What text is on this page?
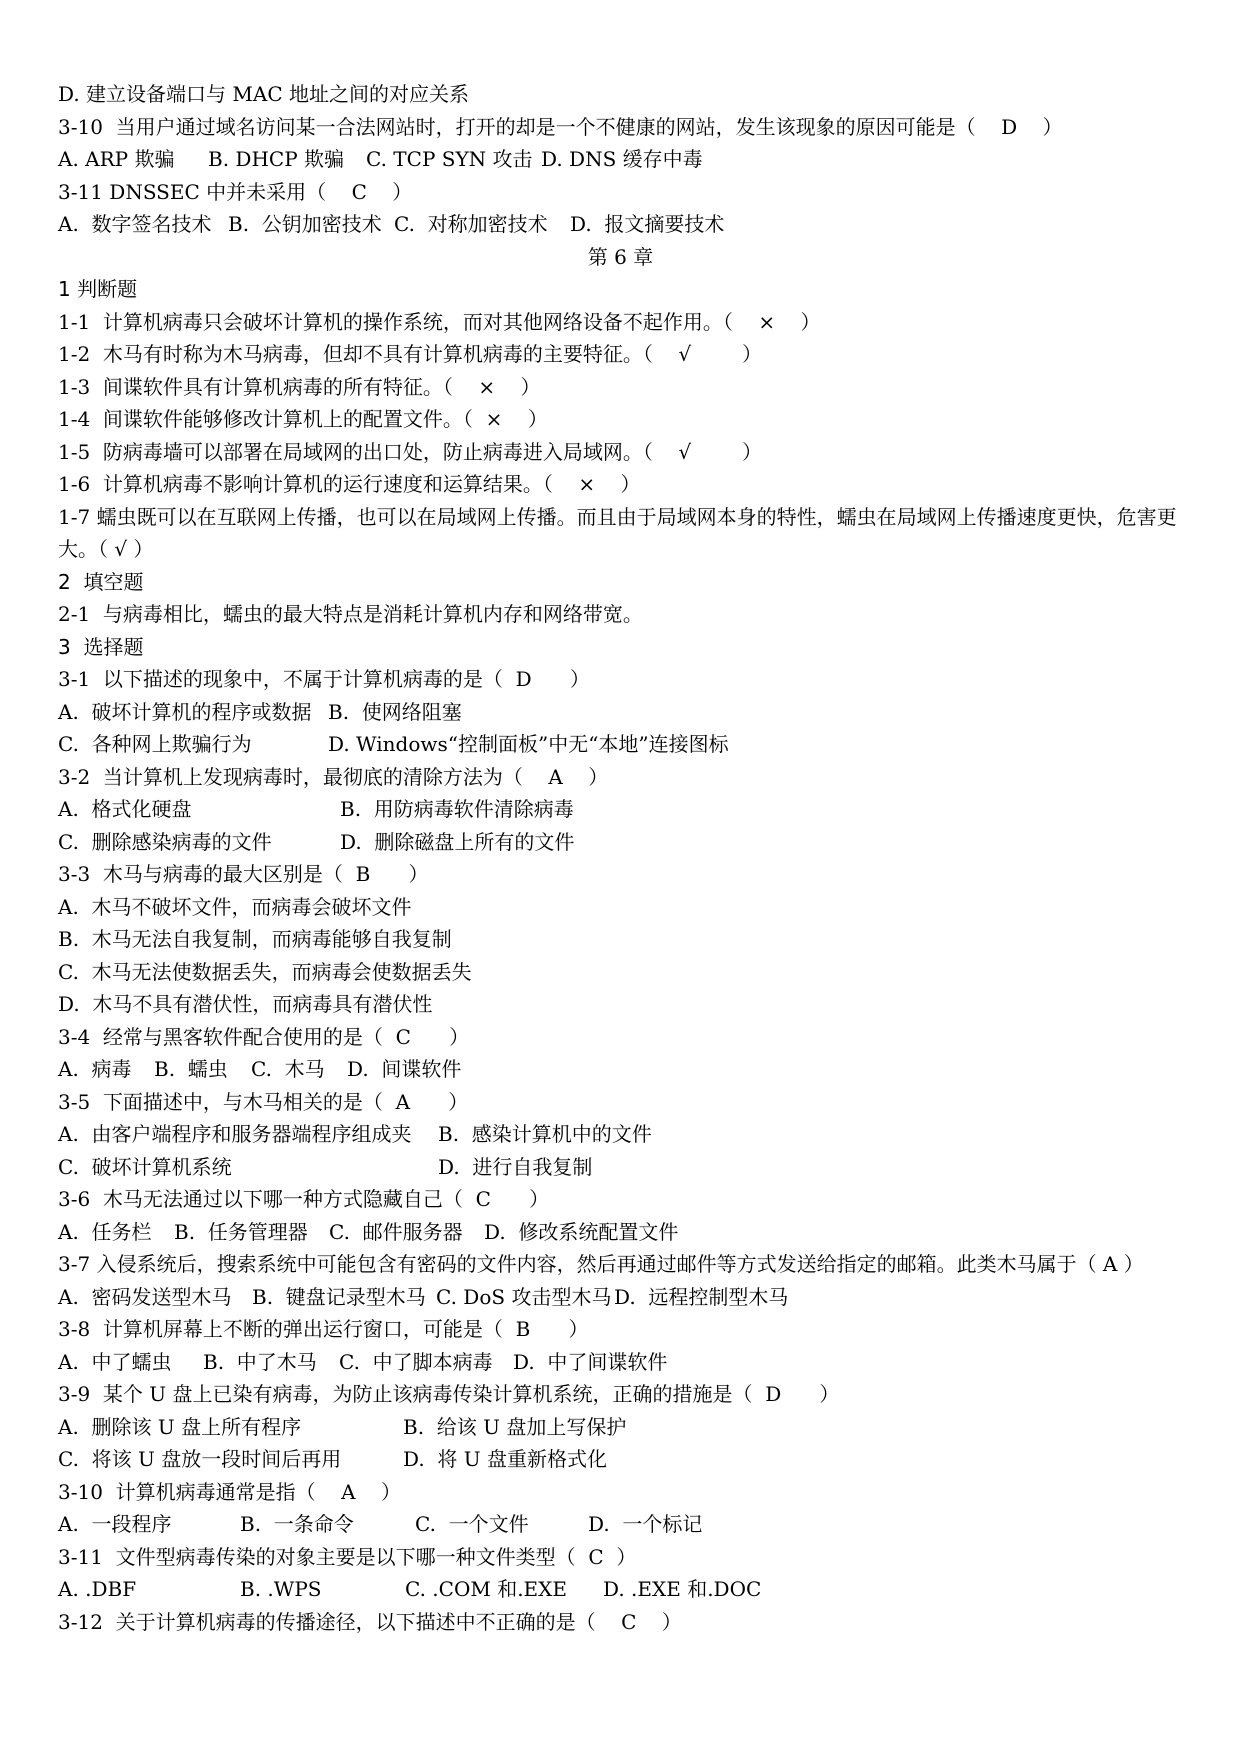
D. 建立设备端口与 MAC 地址之间的对应关系
3-10  当用户通过域名访问某一合法网站时，打开的却是一个不健康的网站，发生该现象的原因可能是（    D    ）
A. ARP 欺骗	B. DHCP 欺骗	C. TCP SYN 攻击 D. DNS 缓存中毒
3-11 DNSSEC 中并未采用（    C    ）
A.  数字签名技术 B.  公钥加密技术 C.  对称加密技术	D.  报文摘要技术
第 6 章
1 判断题
1-1  计算机病毒只会破坏计算机的操作系统，而对其他网络设备不起作用。（    ×    ）
1-2  木马有时称为木马病毒，但却不具有计算机病毒的主要特征。（    √        ）
1-3  间谍软件具有计算机病毒的所有特征。（    ×    ）
1-4  间谍软件能够修改计算机上的配置文件。（  ×    ）
1-5  防病毒墙可以部署在局域网的出口处，防止病毒进入局域网。（    √        ）
1-6  计算机病毒不影响计算机的运行速度和运算结果。（    ×    ）
1-7 蠕虫既可以在互联网上传播，也可以在局域网上传播。而且由于局域网本身的特性，蠕虫在局域网上传播速度更快，危害更大。（ √ ）
2  填空题
2-1  与病毒相比，蠕虫的最大特点是消耗计算机内存和网络带宽。
3  选择题
3-1  以下描述的现象中，不属于计算机病毒的是（  D      ）
A.  破坏计算机的程序或数据 B.  使网络阻塞
C.  各种网上欺骗行为	D. Windows“控制面板”中无“本地”连接图标
3-2  当计算机上发现病毒时，最彻底的清除方法为（    A    ）
A.  格式化硬盘	B.  用防病毒软件清除病毒
C.  删除感染病毒的文件	D.  删除磁盘上所有的文件
3-3  木马与病毒的最大区别是（  B      ）
A.  木马不破坏文件，而病毒会破坏文件
B.  木马无法自我复制，而病毒能够自我复制
C.  木马无法使数据丢失，而病毒会使数据丢失
D.  木马不具有潜伏性，而病毒具有潜伏性
3-4  经常与黑客软件配合使用的是（  C      ）
A.  病毒	B.  蠕虫	C.  木马	D.  间谍软件
3-5  下面描述中，与木马相关的是（  A      ）
A.  由客户端程序和服务器端程序组成夹	B.  感染计算机中的文件
C.  破坏计算机系统	D.  进行自我复制
3-6  木马无法通过以下哪一种方式隐藏自己（  C      ）
A.  任务栏	B.  任务管理器	C.  邮件服务器	D.  修改系统配置文件
3-7 入侵系统后，搜索系统中可能包含有密码的文件内容，然后再通过邮件等方式发送给指定的邮箱。此类木马属于（ A ）
A.  密码发送型木马	B.  键盘记录型木马 C. DoS 攻击型木马 D.  远程控制型木马
3-8  计算机屏幕上不断的弹出运行窗口，可能是（  B      ）
A.  中了蠕虫	B.  中了木马	C.  中了脚本病毒	D.  中了间谍软件
3-9  某个 U 盘上已染有病毒，为防止该病毒传染计算机系统，正确的措施是（  D      ）
A.  删除该 U 盘上所有程序	B.  给该 U 盘加上写保护
C.  将该 U 盘放一段时间后再用	D.  将 U 盘重新格式化
3-10  计算机病毒通常是指（    A    ）
A.  一段程序	B.  一条命令	C.  一个文件	D.  一个标记
3-11  文件型病毒传染的对象主要是以下哪一种文件类型（  C  ）
A. .DBF	B. .WPS	C. .COM 和.EXE	D. .EXE 和.DOC
3-12  关于计算机病毒的传播途径，以下描述中不正确的是（    C    ）
